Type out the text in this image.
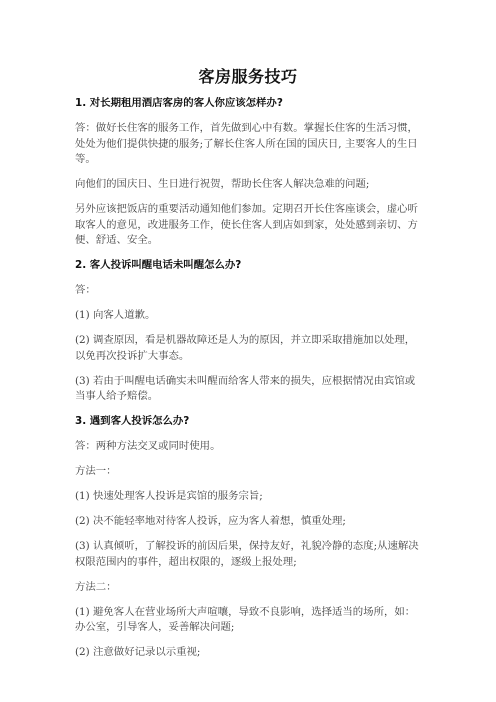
客房服务技巧
1. 对长期租用酒店客房的客人你应该怎样办?
答：做好长住客的服务工作，首先做到心中有数。掌握长住客的生活习惯，处处为他们提供快捷的服务;了解长住客人所在国的国庆日, 主要客人的生日等。
向他们的国庆日、生日进行祝贺，帮助长住客人解决急难的问题;
另外应该把饭店的重要活动通知他们参加。定期召开长住客座谈会，虚心听取客人的意见，改进服务工作，使长住客人到店如到家，处处感到亲切、方便、舒适、安全。
2. 客人投诉叫醒电话未叫醒怎么办?
答：
(1) 向客人道歉。
(2) 调查原因，看是机器故障还是人为的原因，并立即采取措施加以处理，以免再次投诉扩大事态。
(3) 若由于叫醒电话确实未叫醒而给客人带来的损失，应根据情况由宾馆或当事人给予赔偿。
3. 遇到客人投诉怎么办?
答：两种方法交叉或同时使用。
方法一：
(1) 快速处理客人投诉是宾馆的服务宗旨;
(2) 决不能轻率地对待客人投诉，应为客人着想，慎重处理;
(3) 认真倾听，了解投诉的前因后果，保持友好，礼貌冷静的态度;从速解决权限范围内的事件，超出权限的，逐级上报处理;
方法二：
(1) 避免客人在营业场所大声喧嚷，导致不良影响，选择适当的场所，如：办公室，引导客人，妥善解决问题;
(2) 注意做好记录以示重视;
